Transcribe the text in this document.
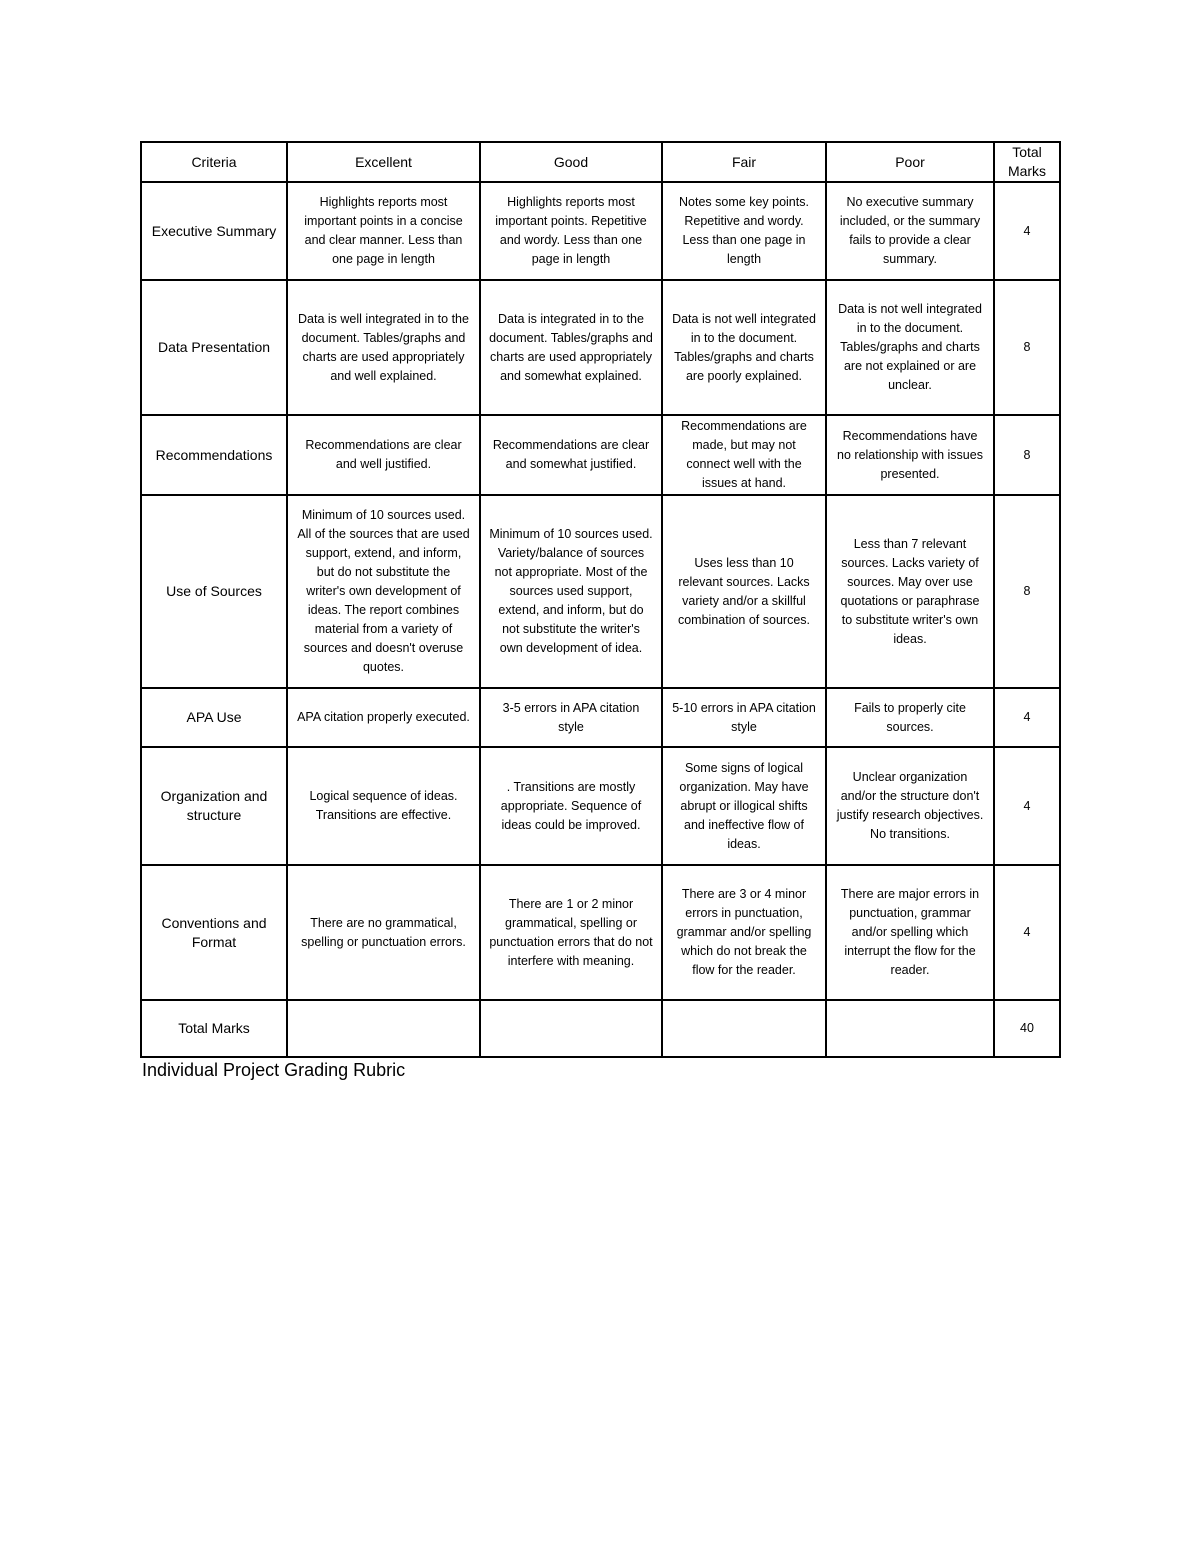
Criteria	Excellent	Good	Fair	Poor	Total Marks
Executive Summary	Highlights reports most important points in a concise and clear manner. Less than one page in length	Highlights reports most important points. Repetitive and wordy. Less than one page in length	Notes some key points. Repetitive and wordy. Less than one page in length	No executive summary included, or the summary fails to provide a clear summary.	4
Data Presentation	Data is well integrated in to the document. Tables/graphs and charts are used appropriately and well explained.	Data is integrated in to the document. Tables/graphs and charts are used appropriately and somewhat explained.	Data is not well integrated in to the document. Tables/graphs and charts are poorly explained.	Data is not well integrated in to the document. Tables/graphs and charts are not explained or are unclear.	8
Recommendations	Recommendations are clear and well justified.	Recommendations are clear and somewhat justified.	Recommendations are made, but may not connect well with the issues at hand.	Recommendations have no relationship with issues presented.	8
Use of Sources	Minimum of 10 sources used. All of the sources that are used support, extend, and inform, but do not substitute the writer's own development of ideas. The report combines material from a variety of sources and doesn't overuse quotes.	Minimum of 10 sources used. Variety/balance of sources not appropriate. Most of the sources used support, extend, and inform, but do not substitute the writer's own development of idea.	Uses less than 10 relevant sources. Lacks variety and/or a skillful combination of sources.	Less than 7 relevant sources. Lacks variety of sources. May over use quotations or paraphrase to substitute writer's own ideas.	8
APA Use	APA citation properly executed.	3-5 errors in APA citation style	5-10 errors in APA citation style	Fails to properly cite sources.	4
Organization and structure	Logical sequence of ideas. Transitions are effective.	. Transitions are mostly appropriate. Sequence of ideas could be improved.	Some signs of logical organization. May have abrupt or illogical shifts and ineffective flow of ideas.	Unclear organization and/or the structure don't justify research objectives. No transitions.	4
Conventions and Format	There are no grammatical, spelling or punctuation errors.	There are 1 or 2 minor grammatical, spelling or punctuation errors that do not interfere with meaning.	There are 3 or 4 minor errors in punctuation, grammar and/or spelling which do not break the flow for the reader.	There are major errors in punctuation, grammar and/or spelling which interrupt the flow for the reader.	4
Total Marks					40
Individual Project Grading Rubric
